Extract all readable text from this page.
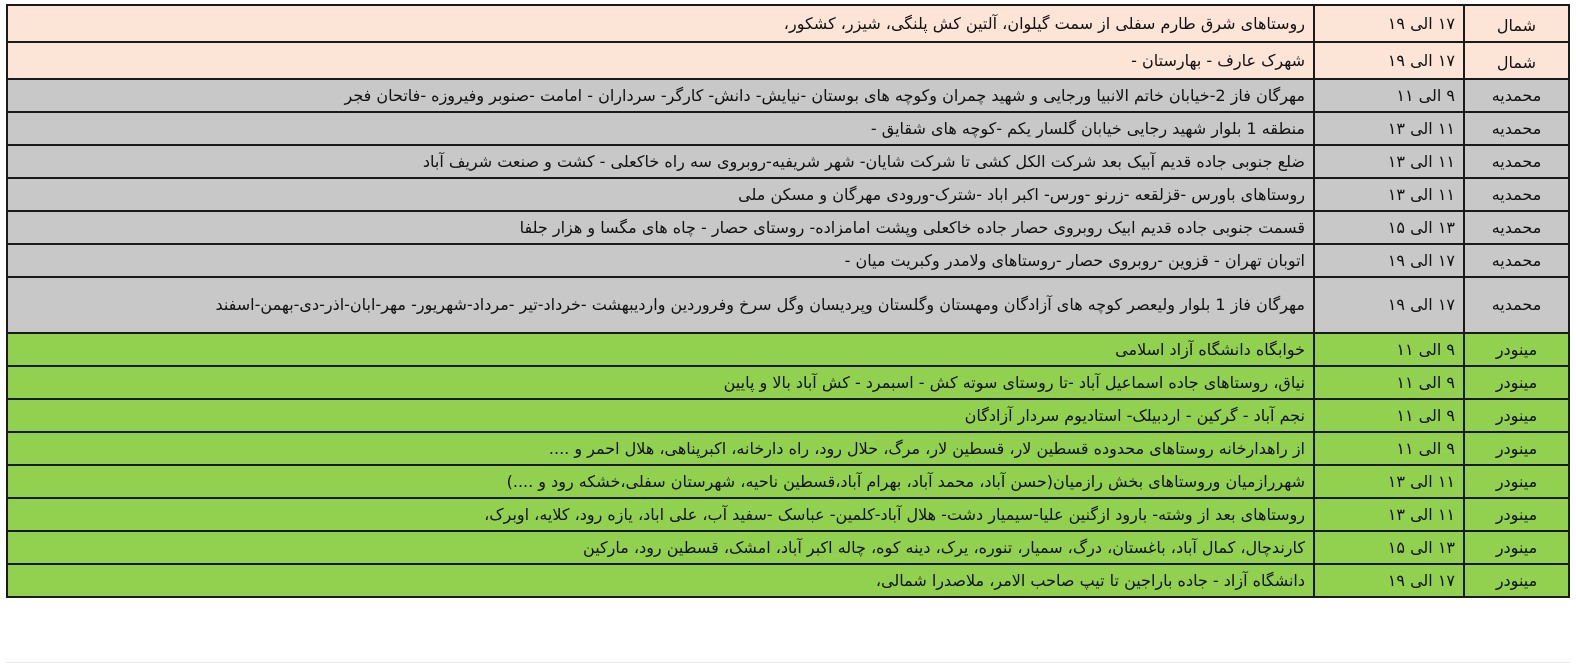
شمال	۱۷ الی ۱۹	روستاهای شرق طارم سفلی از سمت گیلوان، آلتین کش پلنگی، شیزر، کشکور،
شمال	۱۷ الی ۱۹	شهرک عارف - بهارستان -
محمدیه	۹ الی ۱۱	مهرگان فاز 2-خیابان خاتم الانبیا ورجایی و شهید چمران وکوچه های بوستان -نیایش- دانش- کارگر- سرداران - امامت -صنوبر وفیروزه -فاتحان فجر
محمدیه	۱۱ الی ۱۳	منطقه 1 بلوار شهید رجایی خیابان گلسار یکم -کوچه های شقایق -
محمدیه	۱۱ الی ۱۳	ضلع جنوبی جاده قدیم آبیک بعد شرکت الکل کشی تا شرکت شایان- شهر شریفیه-روبروی سه راه خاکعلی - کشت و صنعت شریف آباد
محمدیه	۱۱ الی ۱۳	روستاهای باورس -قزلقعه -زرنو -ورس- اکبر اباد -شترک-ورودی مهرگان و مسکن ملی
محمدیه	۱۳ الی ۱۵	قسمت جنوبی جاده قدیم ابیک روبروی حصار جاده خاکعلی وپشت امامزاده- روستای حصار - چاه های مگسا و هزار جلفا
محمدیه	۱۷ الی ۱۹	اتوبان تهران - قزوین -روبروی حصار -روستاهای ولامدر وکبریت میان -
محمدیه	۱۷ الی ۱۹	مهرگان فاز 1 بلوار ولیعصر کوچه های آزادگان ومهستان وگلستان وپردیسان وگل سرخ وفروردین واردیبهشت -خرداد-تیر -مرداد-شهریور- مهر-ابان-اذر-دی-بهمن-اسفند
مینودر	۹ الی ۱۱	خوابگاه دانشگاه آزاد اسلامی
مینودر	۹ الی ۱۱	نیاق، روستاهای جاده اسماعیل آباد -تا روستای سوته کش - اسبمرد - کش آباد بالا و پایین
مینودر	۹ الی ۱۱	نجم آباد - گرکین - اردبیلک- استادیوم سردار آزادگان
مینودر	۹ الی ۱۱	از راهدارخانه روستاهای محدوده قسطین لار، قسطین لار، مرگ، حلال رود، راه دارخانه، اکبرپناهی، هلال احمر و ....
مینودر	۱۱ الی ۱۳	شهررازمیان وروستاهای بخش رازمیان(حسن آباد، محمد آباد، بهرام آباد،قسطین ناحیه، شهرستان سفلی،خشکه رود و ....)
مینودر	۱۱ الی ۱۳	روستاهای بعد از وشته- بارود ازگنین علیا-سیمیار دشت- هلال آباد-کلمین- عباسک -سفید آب، علی اباد، یازه رود، کلایه، اوبرک،
مینودر	۱۳ الی ۱۵	کارندچال، کمال آباد، باغستان، درگ، سمیار، تنوره، یرک، دینه کوه، چاله اکبر آباد، امشک، قسطین رود، مارکین
مینودر	۱۷ الی ۱۹	دانشگاه آزاد - جاده باراجین تا تیپ صاحب الامر، ملاصدرا شمالی،
